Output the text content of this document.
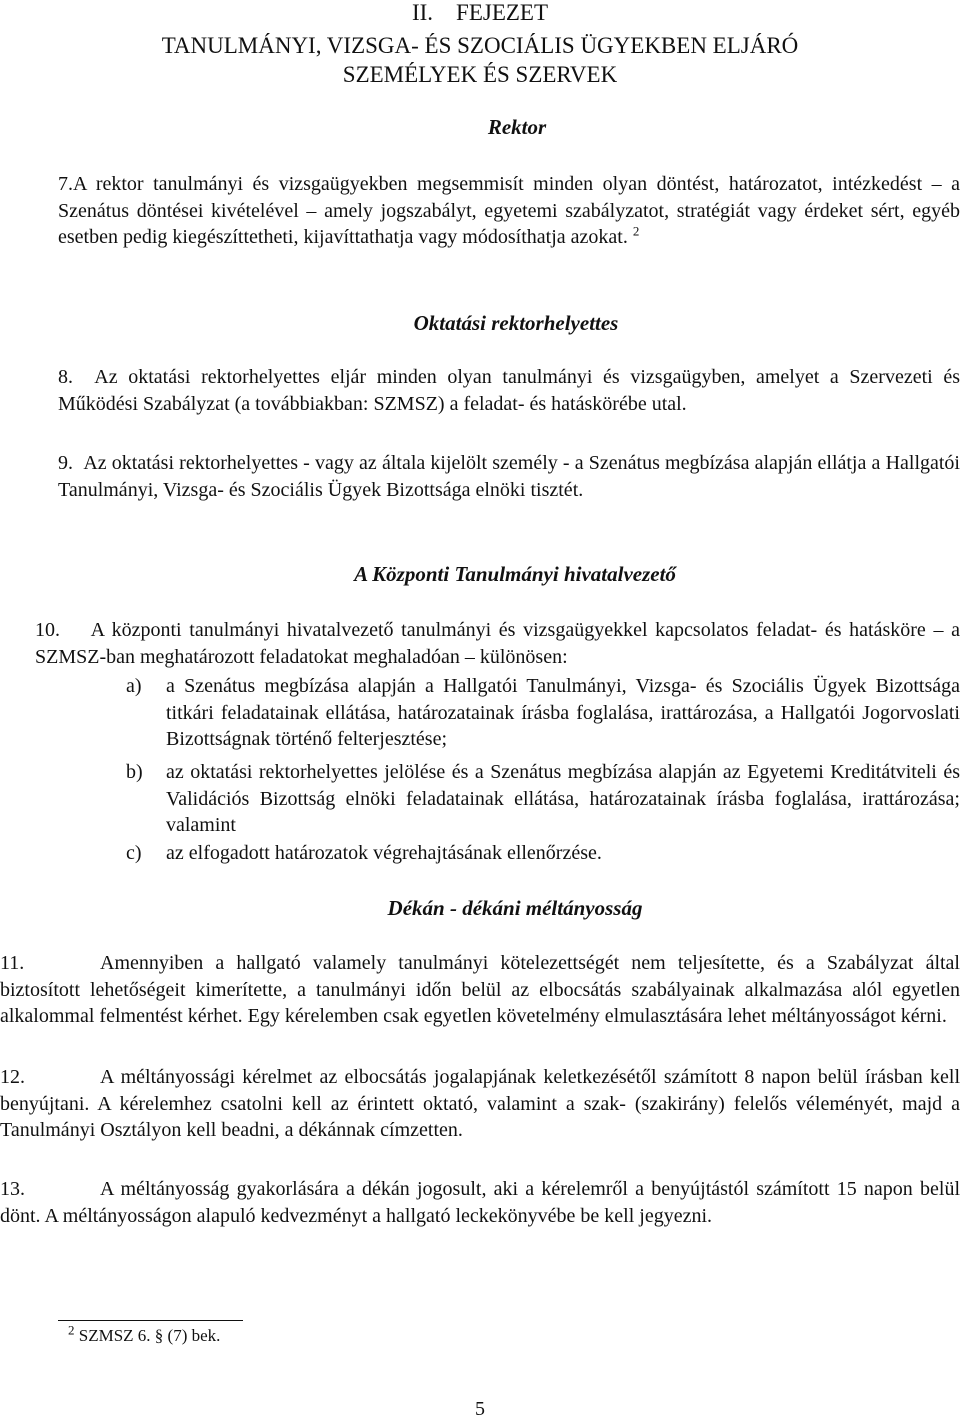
II. FEJEZET
TANULMÁNYI, VIZSGA- ÉS SZOCIÁLIS ÜGYEKBEN ELJÁRÓ
SZEMÉLYEK ÉS SZERVEK
Rektor
7.A rektor tanulmányi és vizsgaügyekben megsemmisít minden olyan döntést, határozatot, intézkedést – a Szenátus döntései kivételével – amely jogszabályt, egyetemi szabályzatot, stratégiát vagy érdeket sért, egyéb esetben pedig kiegészíttetheti, kijavíttathatja vagy módosíthatja azokat. $^2$
Oktatási rektorhelyettes
8. Az oktatási rektorhelyettes eljár minden olyan tanulmányi és vizsgaügyben, amelyet a Szervezeti és Működési Szabályzat (a továbbiakban: SZMSZ) a feladat- és hatáskörébe utal.
9. Az oktatási rektorhelyettes - vagy az általa kijelölt személy - a Szenátus megbízása alapján ellátja a Hallgatói Tanulmányi, Vizsga- és Szociális Ügyek Bizottsága elnöki tisztét.
A Központi Tanulmányi hivatalvezető
10. A központi tanulmányi hivatalvezető tanulmányi és vizsgaügyekkel kapcsolatos feladat- és hatásköre – a SZMSZ-ban meghatározott feladatokat meghaladóan – különösen:
a) a Szenátus megbízása alapján a Hallgatói Tanulmányi, Vizsga- és Szociális Ügyek Bizottsága titkári feladatainak ellátása, határozatainak írásba foglalása, irattározása, a Hallgatói Jogorvoslati Bizottságnak történő felterjesztése;
b) az oktatási rektorhelyettes jelölése és a Szenátus megbízása alapján az Egyetemi Kreditátviteli és Validációs Bizottság elnöki feladatainak ellátása, határozatainak írásba foglalása, irattározása; valamint
c) az elfogadott határozatok végrehajtásának ellenőrzése.
Dékán - dékáni méltányosság
11.	Amennyiben a hallgató valamely tanulmányi kötelezettségét nem teljesítette, és a Szabályzat által biztosított lehetőségeit kimerítette, a tanulmányi időn belül az elbocsátás szabályainak alkalmazása alól egyetlen alkalommal felmentést kérhet. Egy kérelemben csak egyetlen követelmény elmulasztására lehet méltányosságot kérni.
12.	A méltányossági kérelmet az elbocsátás jogalapjának keletkezésétől számított 8 napon belül írásban kell benyújtani. A kérelemhez csatolni kell az érintett oktató, valamint a szak- (szakirány) felelős véleményét, majd a Tanulmányi Osztályon kell beadni, a dékánnak címzetten.
13.	A méltányosság gyakorlására a dékán jogosult, aki a kérelemről a benyújtástól számított 15 napon belül dönt. A méltányosságon alapuló kedvezményt a hallgató leckekönyvébe be kell jegyezni.
$^2$ SZMSZ 6. § (7) bek.
5
